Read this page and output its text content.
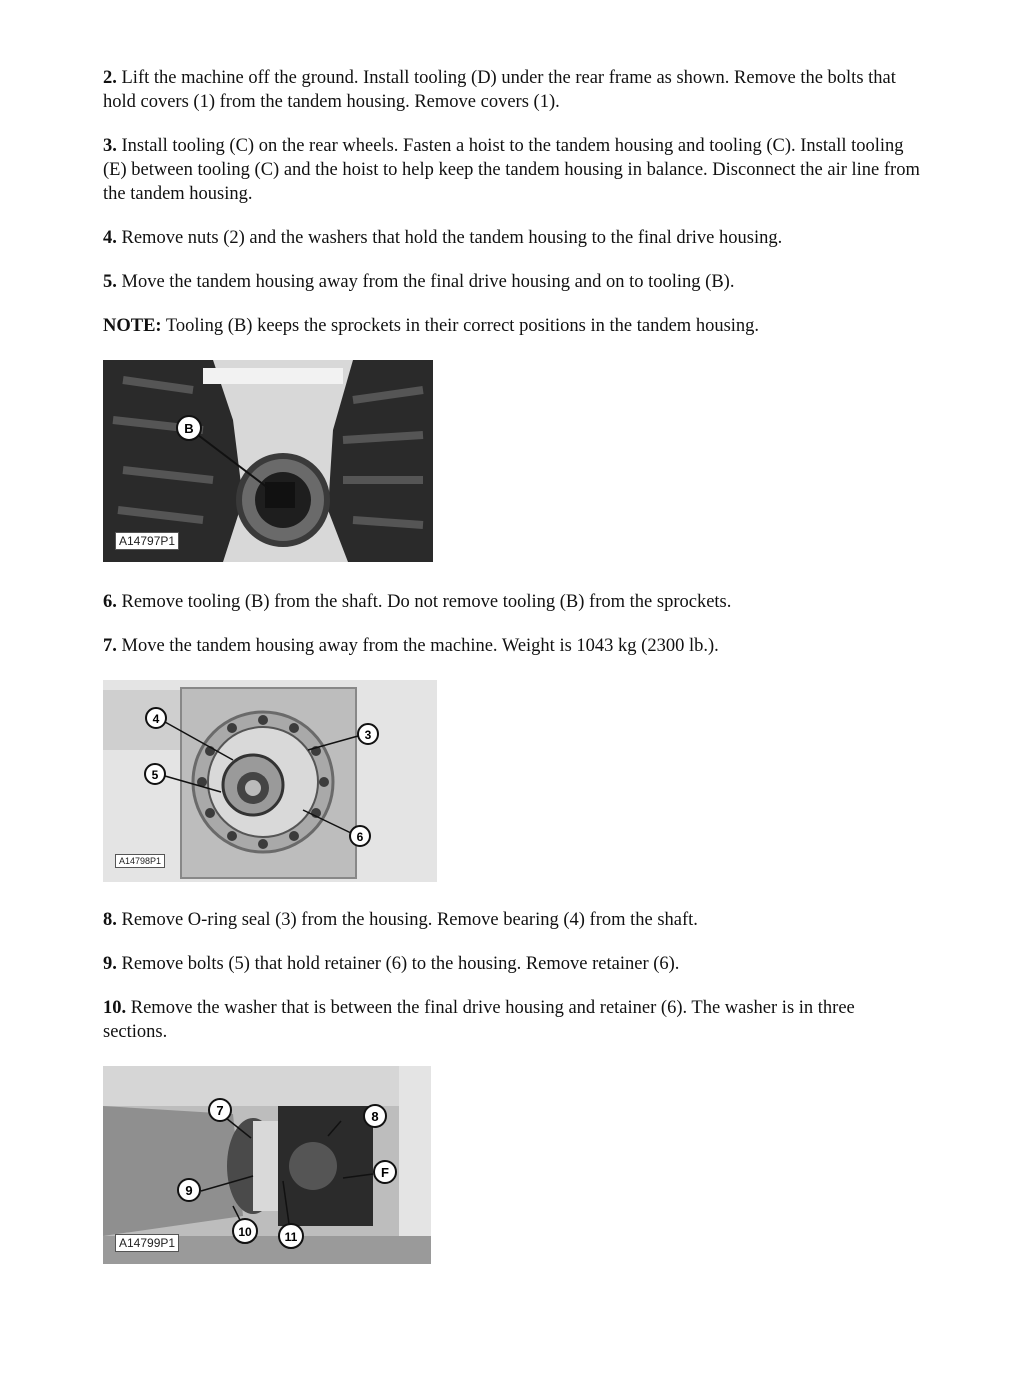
2. Lift the machine off the ground. Install tooling (D) under the rear frame as shown. Remove the bolts that hold covers (1) from the tandem housing. Remove covers (1).

3. Install tooling (C) on the rear wheels. Fasten a hoist to the tandem housing and tooling (C). Install tooling (E) between tooling (C) and the hoist to help keep the tandem housing in balance. Disconnect the air line from the tandem housing.

4. Remove nuts (2) and the washers that hold the tandem housing to the final drive housing.

5. Move the tandem housing away from the final drive housing and on to tooling (B).

NOTE: Tooling (B) keeps the sprockets in their correct positions in the tandem housing.

B
A14797P1

6. Remove tooling (B) from the shaft. Do not remove tooling (B) from the sprockets.

7. Move the tandem housing away from the machine. Weight is 1043 kg (2300 lb.).

4
5
3
6
A14798P1

8. Remove O-ring seal (3) from the housing. Remove bearing (4) from the shaft.

9. Remove bolts (5) that hold retainer (6) to the housing. Remove retainer (6).

10. Remove the washer that is between the final drive housing and retainer (6). The washer is in three sections.

7	8
9
F
10	11
A14799P1
